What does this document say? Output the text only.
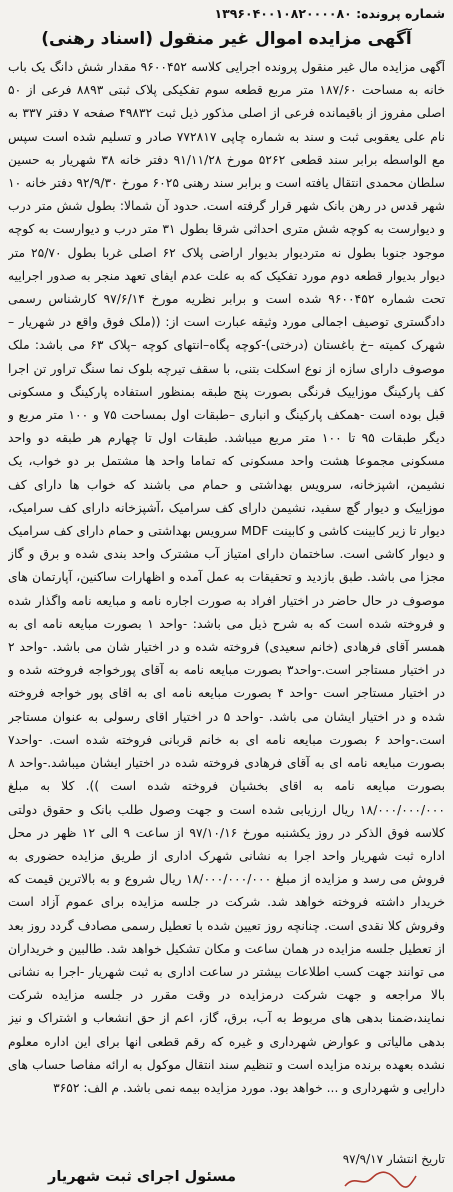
شماره پرونده: ۱۳۹۶۰۴۰۰۱۰۸۲۰۰۰۰۸۰
آگهی مزایده اموال غیر منقول (اسناد رهنی)

آگهی مزایده مال غیر منقول پرونده اجرایی کلاسه ۹۶۰۰۴۵۲ مقدار شش دانگ یک باب خانه به مساحت ۱۸۷/۶۰ متر مربع قطعه سوم تفکیکی پلاک ثبتی ۸۸۹۳ فرعی از ۵۰ اصلی مفروز از باقیمانده فرعی از اصلی مذکور ذیل ثبت ۴۹۸۳۲ صفحه ۷ دفتر ۳۳۷ به نام علی یعقوبی ثبت و سند به شماره چاپی ۷۷۲۸۱۷ صادر و تسلیم شده است سپس مع الواسطه برابر سند قطعی ۵۲۶۲ مورخ ۹۱/۱۱/۲۸ دفتر خانه ۳۸ شهریار به حسین سلطان محمدی انتقال یافته است و برابر سند رهنی ۶۰۲۵ مورخ ۹۲/۹/۳۰ دفتر خانه ۱۰ شهر قدس در رهن بانک شهر قرار گرفته است. حدود آن شمالا: بطول شش متر درب و دیوارست به کوچه شش متری احداثی شرقا بطول ۳۱ متر درب و دیوارست به کوچه موجود جنوبا بطول نه متردیوار بدیوار اراضی پلاک ۶۲ اصلی غربا بطول ۲۵/۷۰ متر دیوار بدیوار قطعه دوم مورد تفکیک که به علت عدم ایفای تعهد منجر به صدور اجراییه تحت شماره ۹۶۰۰۴۵۲ شده است و برابر نظریه مورخ ۹۷/۶/۱۴ کارشناس رسمی دادگستری توصیف اجمالی مورد وثیقه عبارت است از: ((ملک فوق واقع در شهریار –شهرک کمیته –خ باغستان (درختی)-کوچه پگاه–انتهای کوچه –پلاک ۶۳ می باشد: ملک موصوف دارای سازه از نوع اسکلت بتنی، با سقف تیرچه بلوک نما سنگ تراور تن اجرا کف پارکینگ موزاییک فرنگی بصورت پنج طبقه بمنظور استفاده پارکینگ و مسکونی قبل بوده است -همکف پارکینگ و انباری –طبقات اول بمساحت ۷۵ و ۱۰۰ متر مربع و دیگر طبقات ۹۵ تا ۱۰۰ متر مربع میباشد. طبقات اول تا چهارم هر طبقه دو واحد مسکونی مجموعا هشت واحد مسکونی که تماما واحد ها مشتمل بر دو خواب، یک نشیمن، اشپزخانه، سرویس بهداشتی و حمام می باشند که خواب ها دارای کف موزاییک و دیوار گچ سفید، نشیمن دارای کف سرامیک ،آشپزخانه دارای کف سرامیک، دیوار تا زیر کابینت کاشی و کابینت MDF سرویس بهداشتی و حمام دارای کف سرامیک و دیوار کاشی است. ساختمان دارای امتیاز آب مشترک واحد بندی شده و برق و گاز مجزا می باشد. طبق بازدید و تحقیقات به عمل آمده و اظهارات ساکنین، آپارتمان های موصوف در حال حاضر در اختیار افراد به صورت اجاره نامه و مبایعه نامه واگذار شده و فروخته شده است که به شرح ذیل می باشد: -واحد ۱ بصورت مبایعه نامه ای به همسر آقای فرهادی (خانم سعیدی) فروخته شده و در اختیار شان می باشد. -واحد ۲ در اختیار مستاجر است.-واحد۳ بصورت مبایعه نامه به آقای پورخواجه فروخته شده و در اختیار مستاجر است -واحد ۴ بصورت مبایعه نامه ای به اقای پور خواجه فروخته شده و در اختیار ایشان می باشد. -واحد ۵ در اختیار اقای رسولی به عنوان مستاجر است.-واحد ۶ بصورت مبایعه نامه ای به خانم قربانی فروخته شده است. -واحد۷ بصورت مبایعه نامه ای به آقای فرهادی فروخته شده در اختیار ایشان میباشد.-واحد ۸ بصورت مبایعه نامه به اقای بخشیان فروخته شده است )). کلا به مبلغ ۱۸/۰۰۰/۰۰۰/۰۰۰ ریال ارزیابی شده است و جهت وصول طلب بانک و حقوق دولتی کلاسه فوق الذکر در روز یکشنبه مورخ ۹۷/۱۰/۱۶ از ساعت ۹ الی ۱۲ ظهر در محل اداره ثبت شهریار واحد اجرا به نشانی شهرک اداری از طریق مزایده حضوری به فروش می رسد و مزایده از مبلغ ۱۸/۰۰۰/۰۰۰/۰۰۰ ریال شروع و به بالاترین قیمت که خریدار داشته فروخته خواهد شد. شرکت در جلسه مزایده برای عموم آزاد است وفروش کلا نقدی است. چنانچه روز تعیین شده با تعطیل رسمی مصادف گردد روز بعد از تعطیل جلسه مزایده در همان ساعت و مکان تشکیل خواهد شد. طالبین و خریداران می توانند جهت کسب اطلاعات بیشتر در ساعت اداری به ثبت شهریار -اجرا به نشانی بالا مراجعه و جهت شرکت درمزایده در وقت مقرر در جلسه مزایده شرکت نمایند،ضمنا بدهی های مربوط به آب، برق، گاز، اعم از حق انشعاب و اشتراک و نیز بدهی مالیاتی و عوارض شهرداری و غیره که رقم قطعی انها برای این اداره معلوم نشده بعهده برنده مزایده است و تنظیم سند انتقال موکول به ارائه مفاصا حساب های دارایی و شهرداری و ... خواهد بود. مورد مزایده بیمه نمی باشد. م الف: ۳۶۵۲

تاریخ انتشار ۹۷/۹/۱۷
مسئول اجرای ثبت شهریار
